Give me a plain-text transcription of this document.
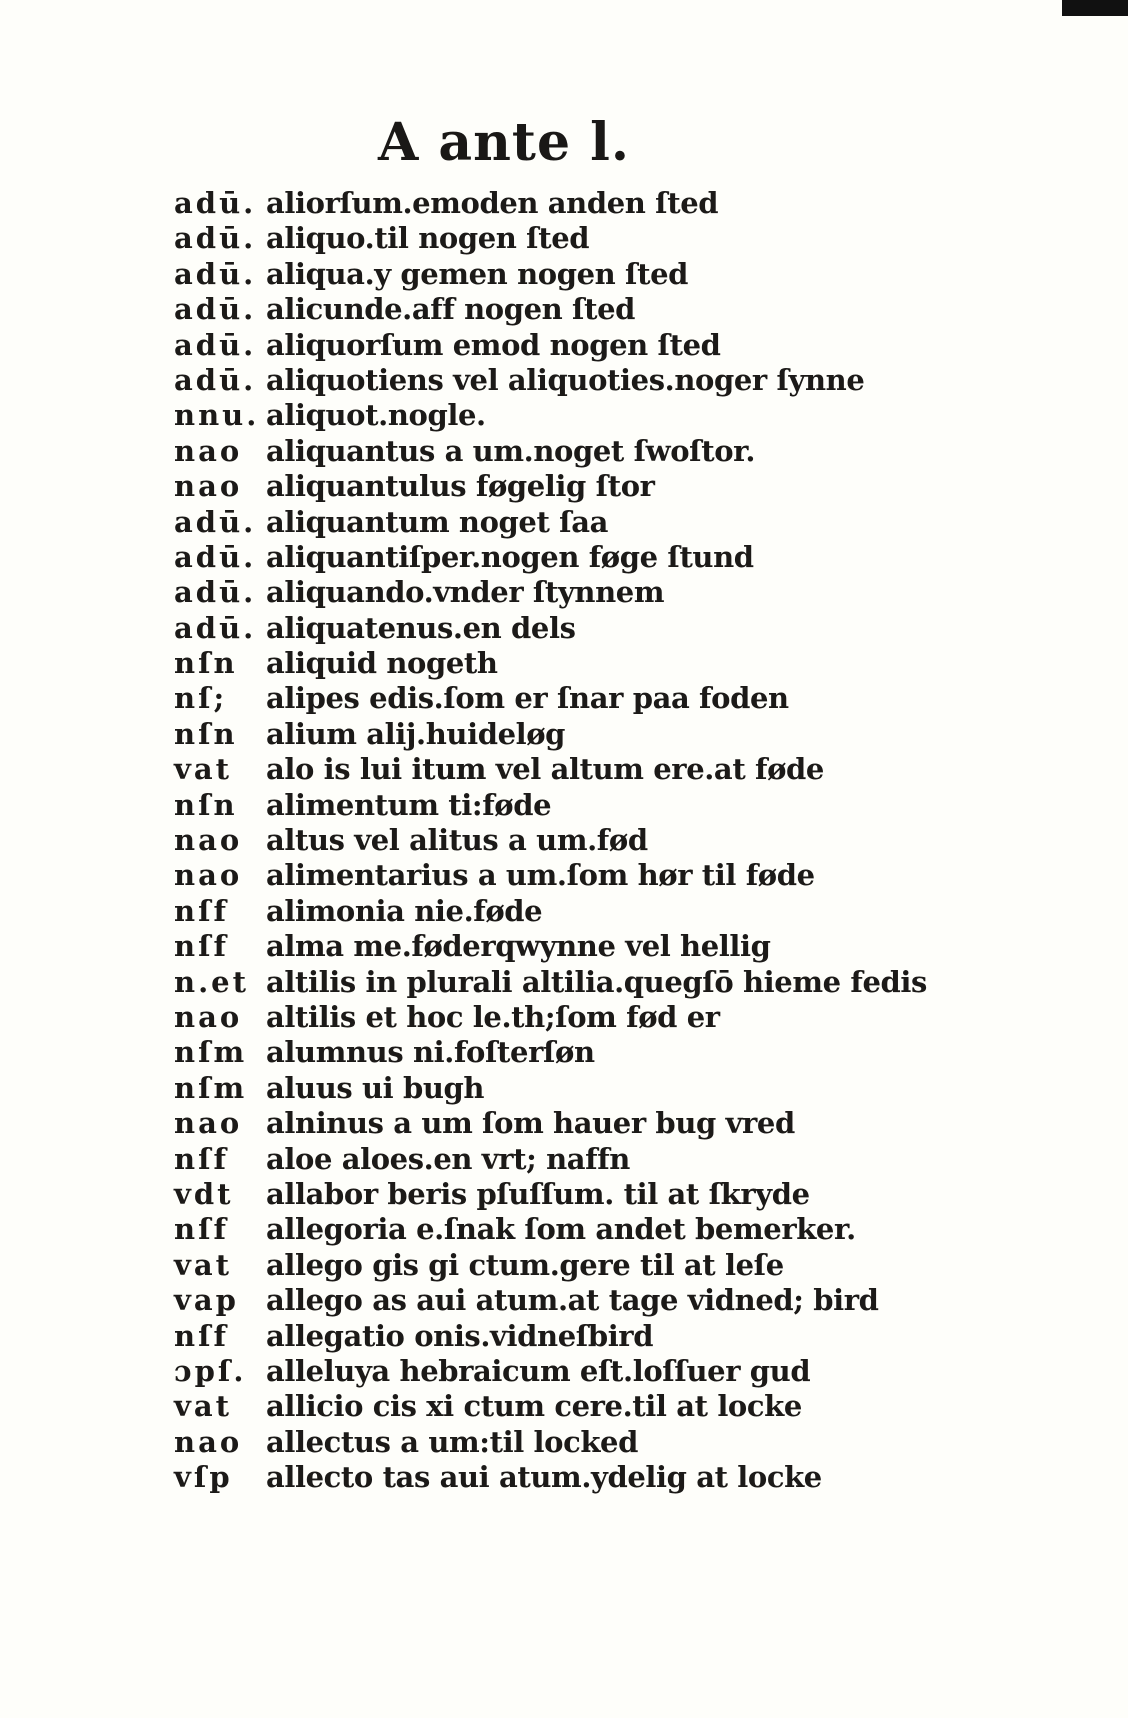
A ante l.
adū. aliorſum.emoden anden ſted
adū. aliquo.til nogen ſted
adū. aliqua.y gemen nogen ſted
adū. alicunde.aff nogen ſted
adū. aliquorſum emod nogen ſted
adū. aliquotiens vel aliquoties.noger ſynne
nnu. aliquot.nogle.
nao aliquantus a um.noget ſwoſtor.
nao aliquantulus føgelig ſtor
adū. aliquantum noget ſaa
adū. aliquantiſper.nogen føge ſtund
adū. aliquando.vnder ſtynnem
adū. aliquatenus.en dels
nſn aliquid nogeth
nſ;	alipes edis.ſom er ſnar paa foden
nſn alium alij.huideløg
vat	alo is lui itum vel altum ere.at føde
nſn alimentum ti:føde
nao altus vel alitus a um.fød
nao alimentarius a um.ſom hør til føde
nſf	alimonia nie.føde
nſf	alma me.føderqwynne vel hellig
n.et altilis in plurali altilia.quegſō hieme fedis
nao altilis et hoc le.th;ſom fød er
nſm alumnus ni.foſterſøn
nſm aluus ui bugh
nao alninus a um ſom hauer bug vred
nſf	aloe aloes.en vrt; naffn
vdt	allabor beris pſuſſum. til at ſkrydе
nſf	allegoria e.ſnak ſom andet bemerker.
vat	allego gis gi ctum.gere til at leſe
vap allego as aui atum.at tage vidned; bird
nſf	allegatio onis.vidneſbird
ɔpſ. alleluya hebraicum eſt.loſſuer gud
vat	allicio cis xi ctum cere.til at locke
nao allectus a um:til locked
vſp	allecto tas aui atum.ydelig at locke
